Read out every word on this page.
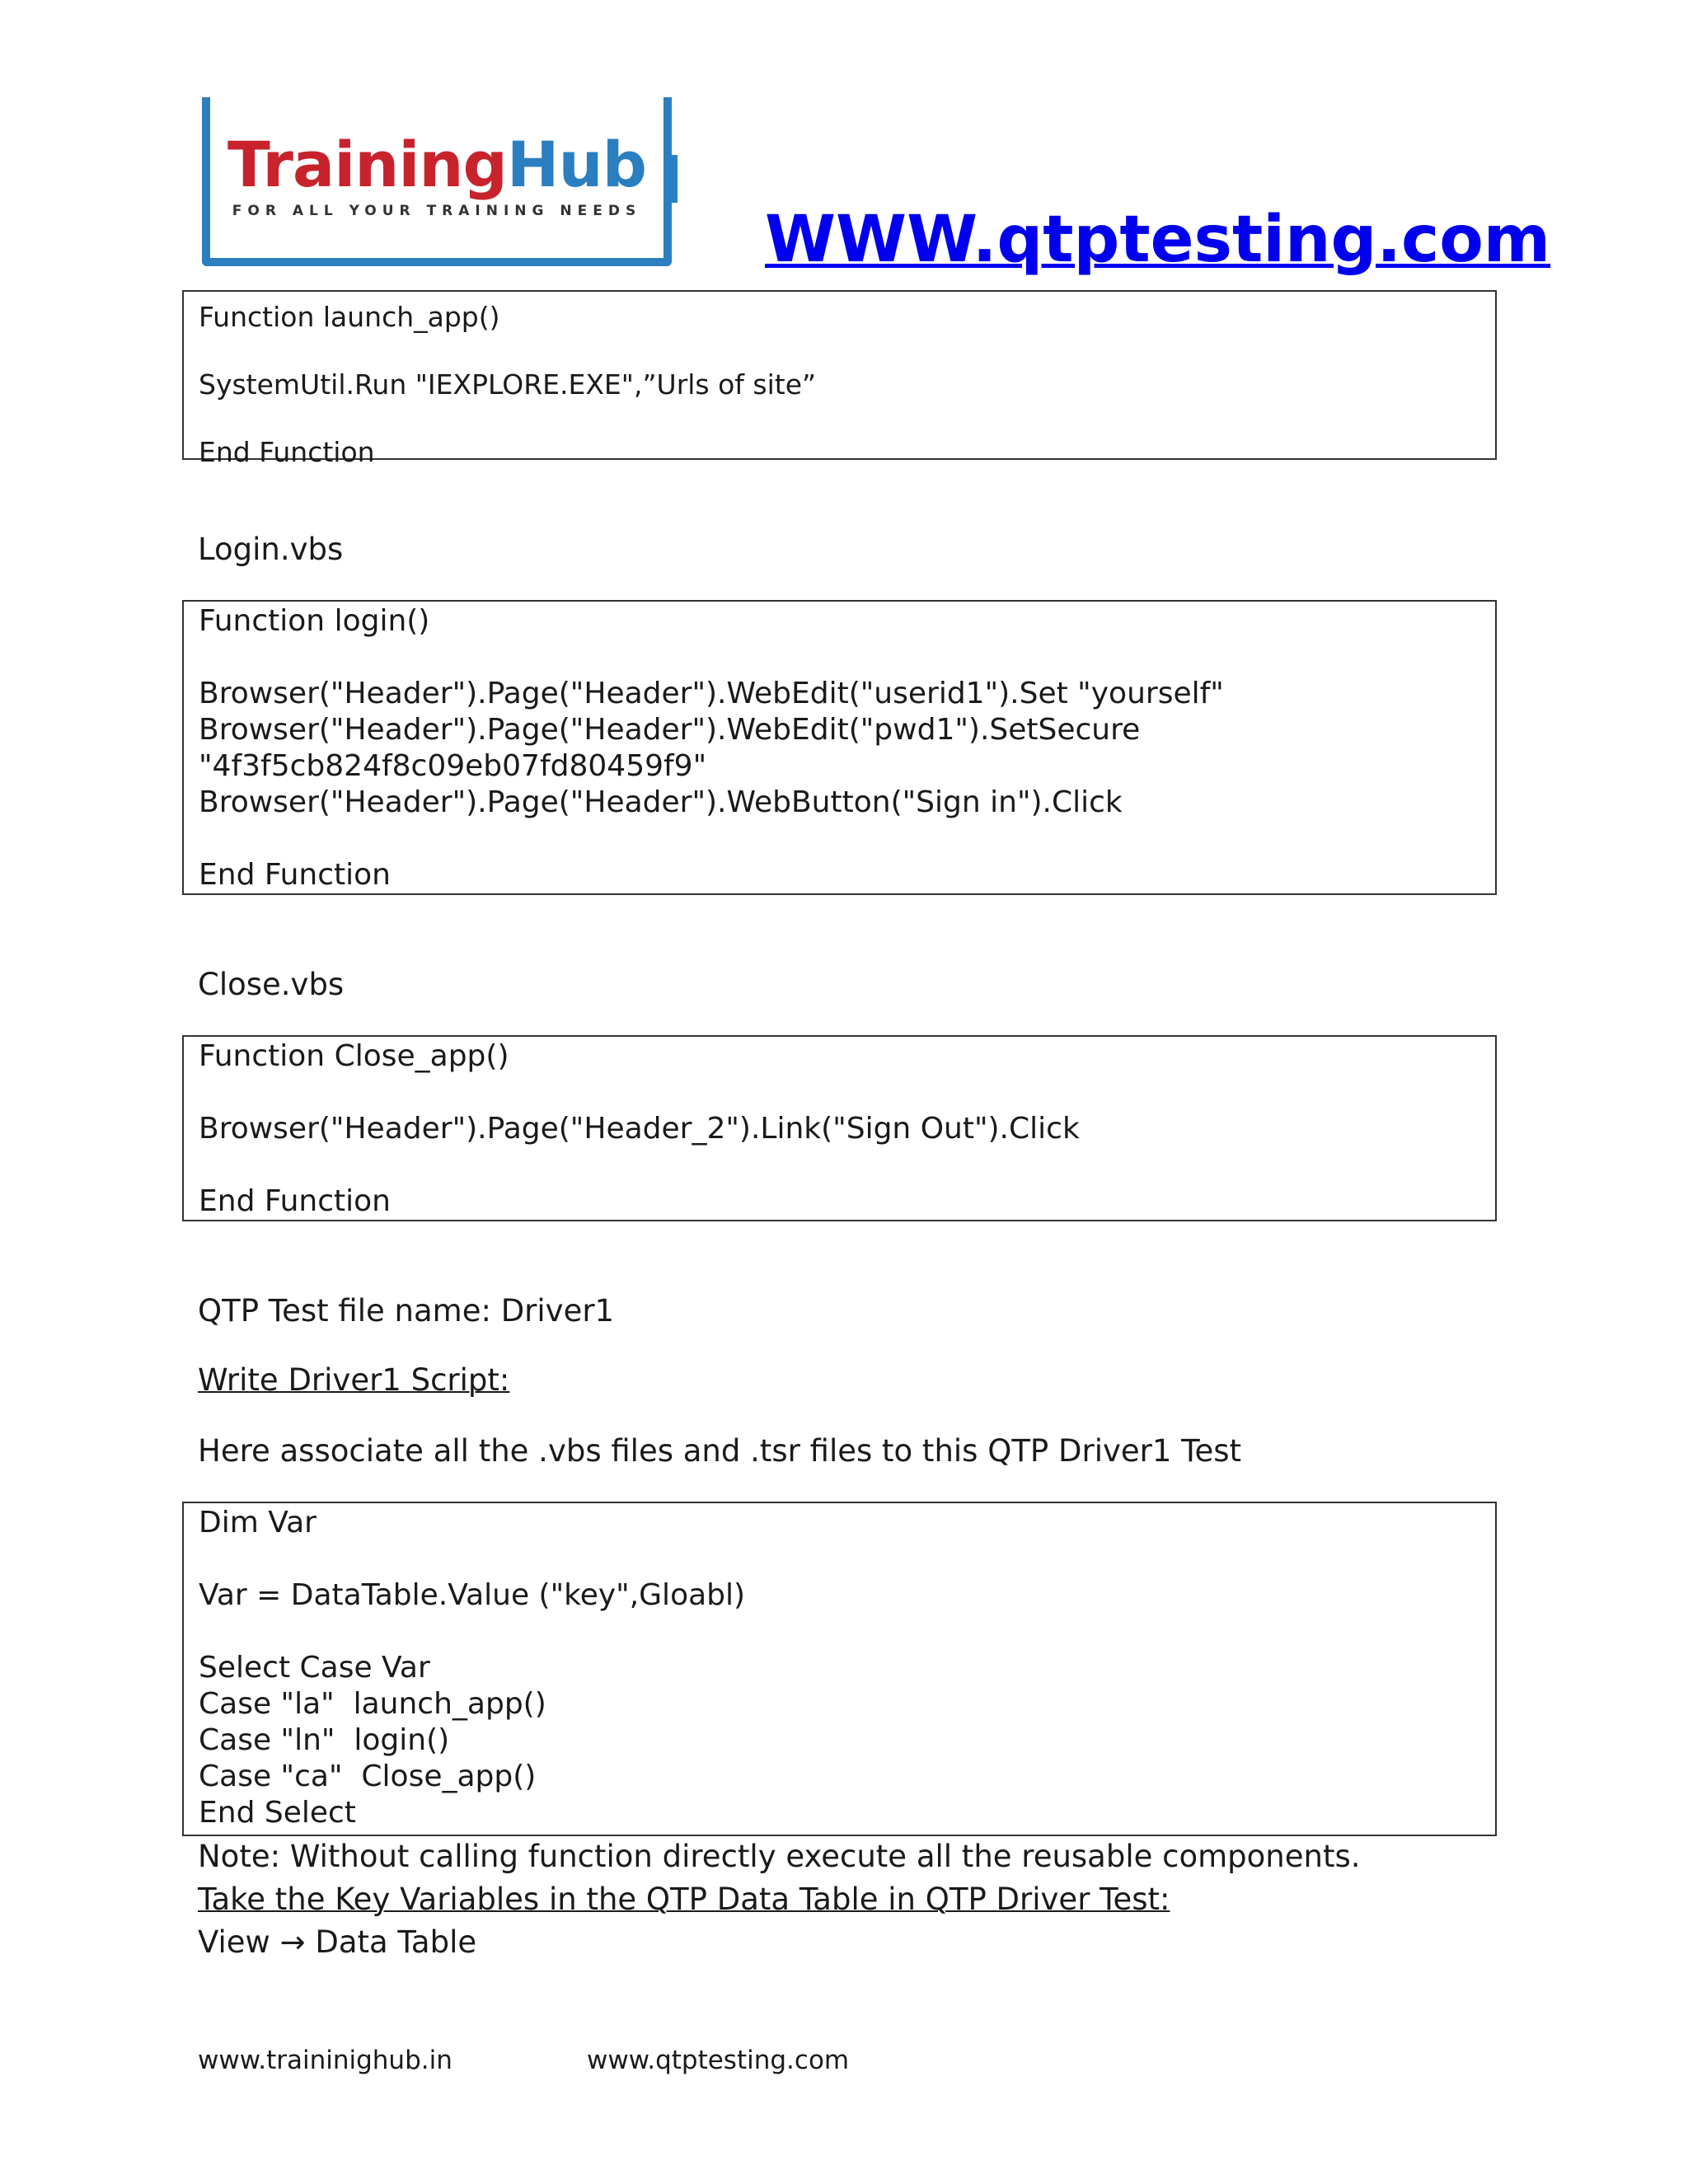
TrainingHub
FOR ALL YOUR TRAINING NEEDS	WWW.qtptesting.com
Function launch_app()
SystemUtil.Run "IEXPLORE.EXE",”Urls of site”
End Function
Login.vbs
Function login()
Browser("Header").Page("Header").WebEdit("userid1").Set "yourself"
Browser("Header").Page("Header").WebEdit("pwd1").SetSecure
"4f3f5cb824f8c09eb07fd80459f9"
Browser("Header").Page("Header").WebButton("Sign in").Click
End Function
Close.vbs
Function Close_app()
Browser("Header").Page("Header_2").Link("Sign Out").Click
End Function
QTP Test file name: Driver1
Write Driver1 Script:
Here associate all the .vbs files and .tsr files to this QTP Driver1 Test
Dim Var
Var = DataTable.Value ("key",Gloabl)
Select Case Var
Case "la"  launch_app()
Case "ln"  login()
Case "ca"  Close_app()
End Select
Note: Without calling function directly execute all the reusable components.
Take the Key Variables in the QTP Data Table in QTP Driver Test:
View → Data Table
www.traininighub.in	www.qtptesting.com
